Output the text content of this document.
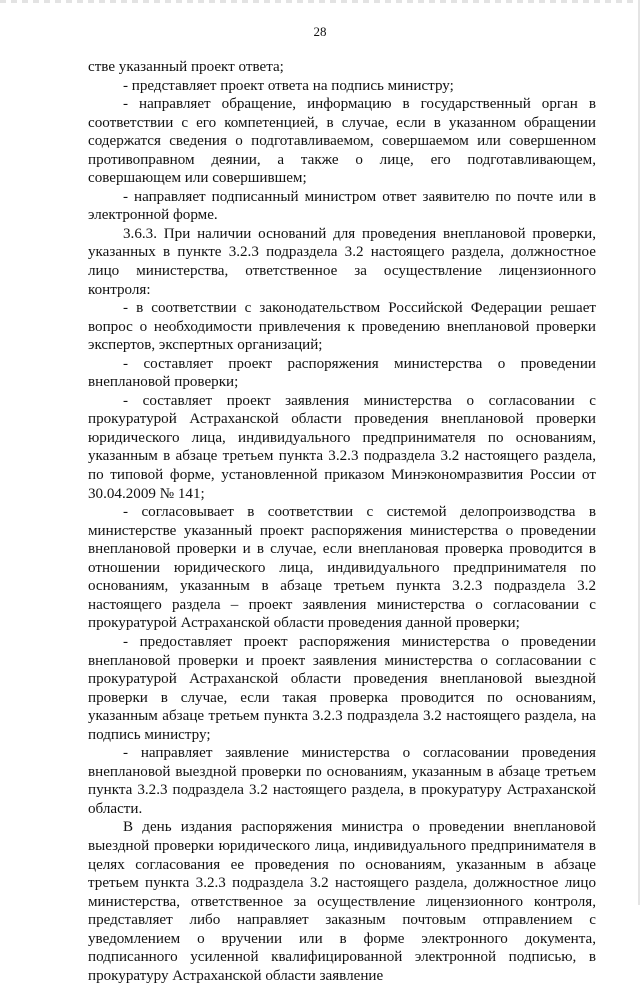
28

стве указанный проект ответа;

- представляет проект ответа на подпись министру;

- направляет обращение, информацию в государственный орган в соответствии с его компетенцией, в случае, если в указанном обращении содержатся сведения о подготавливаемом, совершаемом или совершенном противоправном деянии, а также о лице, его подготавливающем, совершающем или совершившем;

- направляет подписанный министром ответ заявителю по почте или в электронной форме.

3.6.3. При наличии оснований для проведения внеплановой проверки, указанных в пункте 3.2.3 подраздела 3.2 настоящего раздела, должностное лицо министерства, ответственное за осуществление лицензионного контроля:

- в соответствии с законодательством Российской Федерации решает вопрос о необходимости привлечения к проведению внеплановой проверки экспертов, экспертных организаций;

- составляет проект распоряжения министерства о проведении внеплановой проверки;

- составляет проект заявления министерства о согласовании с прокуратурой Астраханской области проведения внеплановой проверки юридического лица, индивидуального предпринимателя по основаниям, указанным в абзаце третьем пункта 3.2.3 подраздела 3.2 настоящего раздела, по типовой форме, установленной приказом Минэкономразвития России от 30.04.2009 № 141;

- согласовывает в соответствии с системой делопроизводства в министерстве указанный проект распоряжения министерства о проведении внеплановой проверки и в случае, если внеплановая проверка проводится в отношении юридического лица, индивидуального предпринимателя по основаниям, указанным в абзаце третьем пункта 3.2.3 подраздела 3.2 настоящего раздела – проект заявления министерства о согласовании с прокуратурой Астраханской области проведения данной проверки;

- предоставляет проект распоряжения министерства о проведении внеплановой проверки и проект заявления министерства о согласовании с прокуратурой Астраханской области проведения внеплановой выездной проверки в случае, если такая проверка проводится по основаниям, указанным абзаце третьем пункта 3.2.3 подраздела 3.2 настоящего раздела, на подпись министру;

- направляет заявление министерства о согласовании проведения внеплановой выездной проверки по основаниям, указанным в абзаце третьем пункта 3.2.3 подраздела 3.2 настоящего раздела, в прокуратуру Астраханской области.

В день издания распоряжения министра о проведении внеплановой выездной проверки юридического лица, индивидуального предпринимателя в целях согласования ее проведения по основаниям, указанным в абзаце третьем пункта 3.2.3 подраздела 3.2 настоящего раздела, должностное лицо министерства, ответственное за осуществление лицензионного контроля, представляет либо направляет заказным почтовым отправлением с уведомлением о вручении или в форме электронного документа, подписанного усиленной квалифицированной электронной подписью, в прокуратуру Астраханской области заявление
